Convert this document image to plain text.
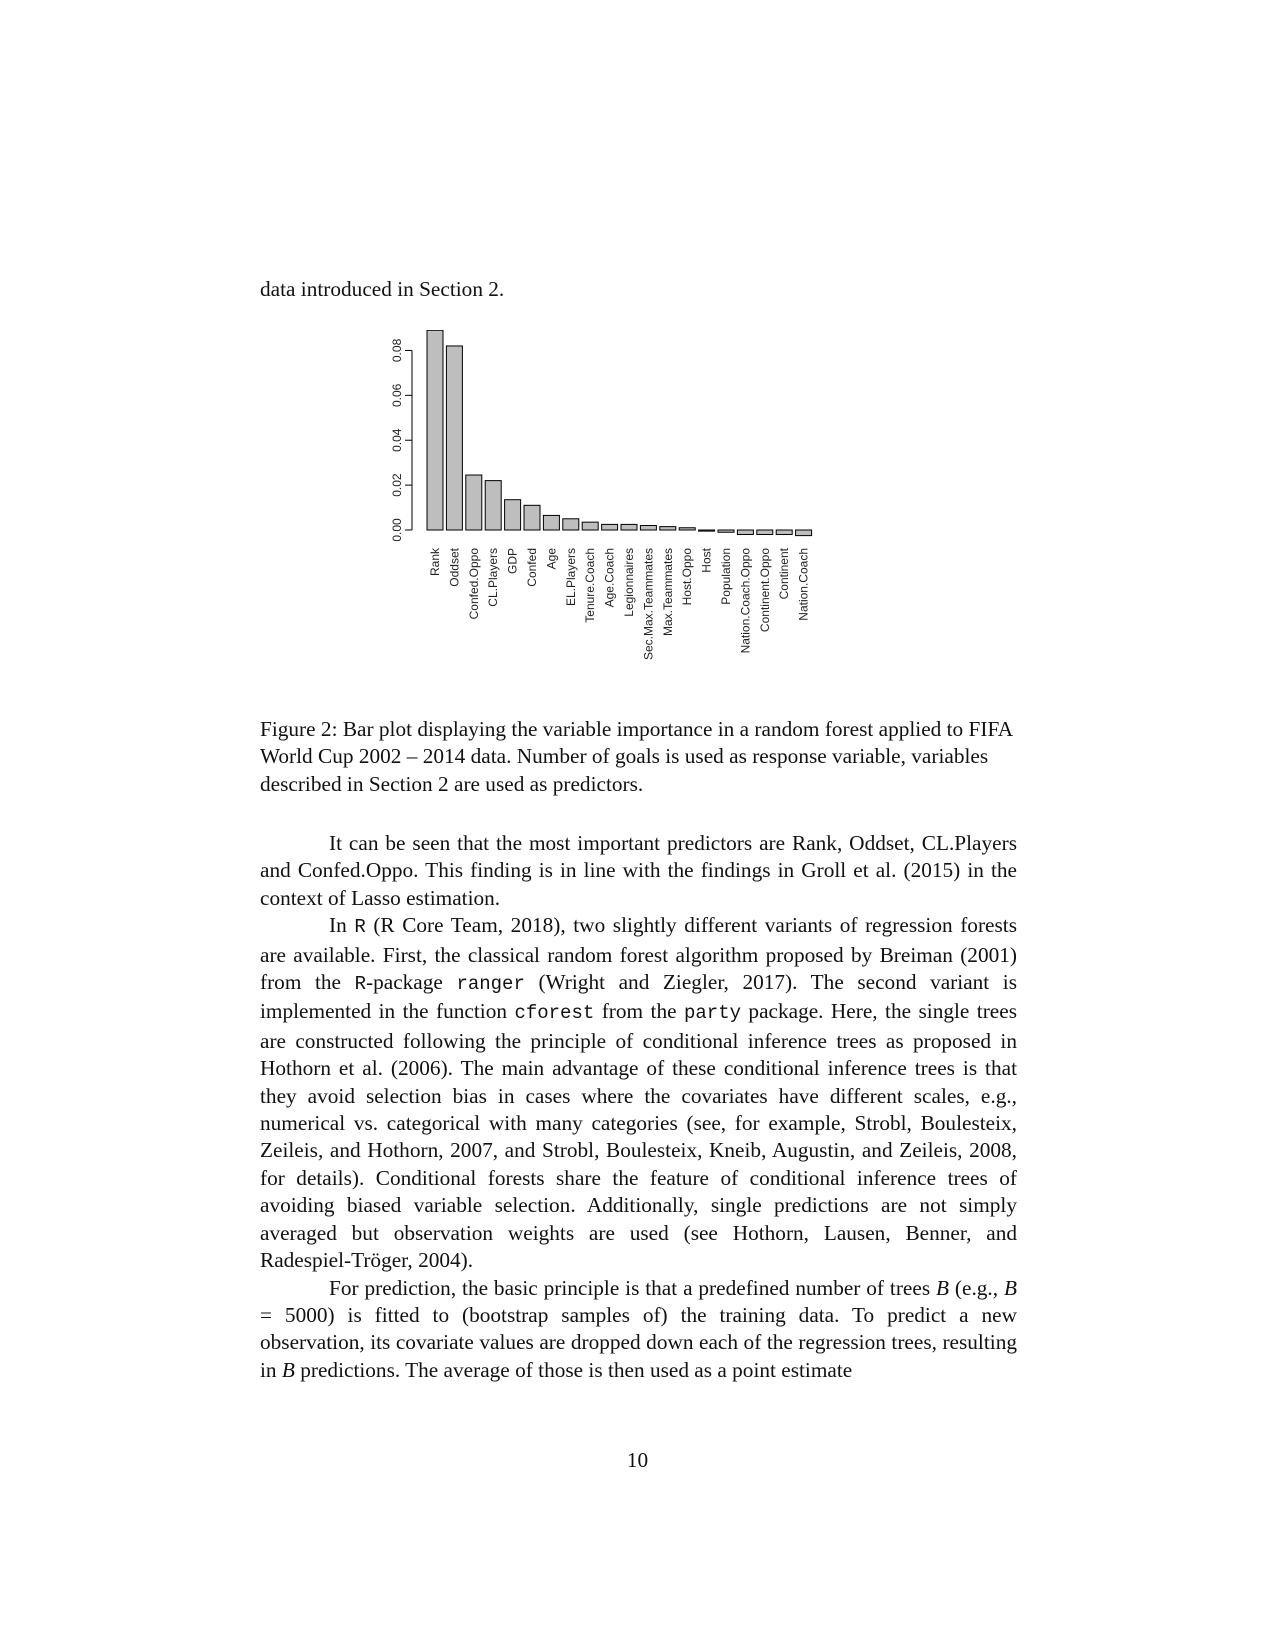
data introduced in Section 2.

0.00
0.02
0.04
0.06
0.08
Rank Oddset Confed.Oppo CL.Players GDP Confed Age EL.Players Tenure.Coach Age.Coach Legionnaires Sec.Max.Teammates Max.Teammates Host.Oppo Host Population Nation.Coach.Oppo Continent.Oppo Continent Nation.Coach

Figure 2: Bar plot displaying the variable importance in a random forest applied to FIFA World Cup 2002 – 2014 data. Number of goals is used as response variable, variables described in Section 2 are used as predictors.

It can be seen that the most important predictors are Rank, Oddset, CL.Players and Confed.Oppo. This finding is in line with the findings in Groll et al. (2015) in the context of Lasso estimation.

In R (R Core Team, 2018), two slightly different variants of regression forests are available. First, the classical random forest algorithm proposed by Breiman (2001) from the R-package ranger (Wright and Ziegler, 2017). The second variant is implemented in the function cforest from the party package. Here, the single trees are constructed following the principle of conditional inference trees as proposed in Hothorn et al. (2006). The main advantage of these conditional inference trees is that they avoid selection bias in cases where the covariates have different scales, e.g., numerical vs. categorical with many categories (see, for example, Strobl, Boulesteix, Zeileis, and Hothorn, 2007, and Strobl, Boulesteix, Kneib, Augustin, and Zeileis, 2008, for details). Conditional forests share the feature of conditional inference trees of avoiding biased variable selection. Additionally, single predictions are not simply averaged but observation weights are used (see Hothorn, Lausen, Benner, and Radespiel-Tröger, 2004).

For prediction, the basic principle is that a predefined number of trees B (e.g., B = 5000) is fitted to (bootstrap samples of) the training data. To predict a new observation, its covariate values are dropped down each of the regression trees, resulting in B predictions. The average of those is then used as a point estimate

10
